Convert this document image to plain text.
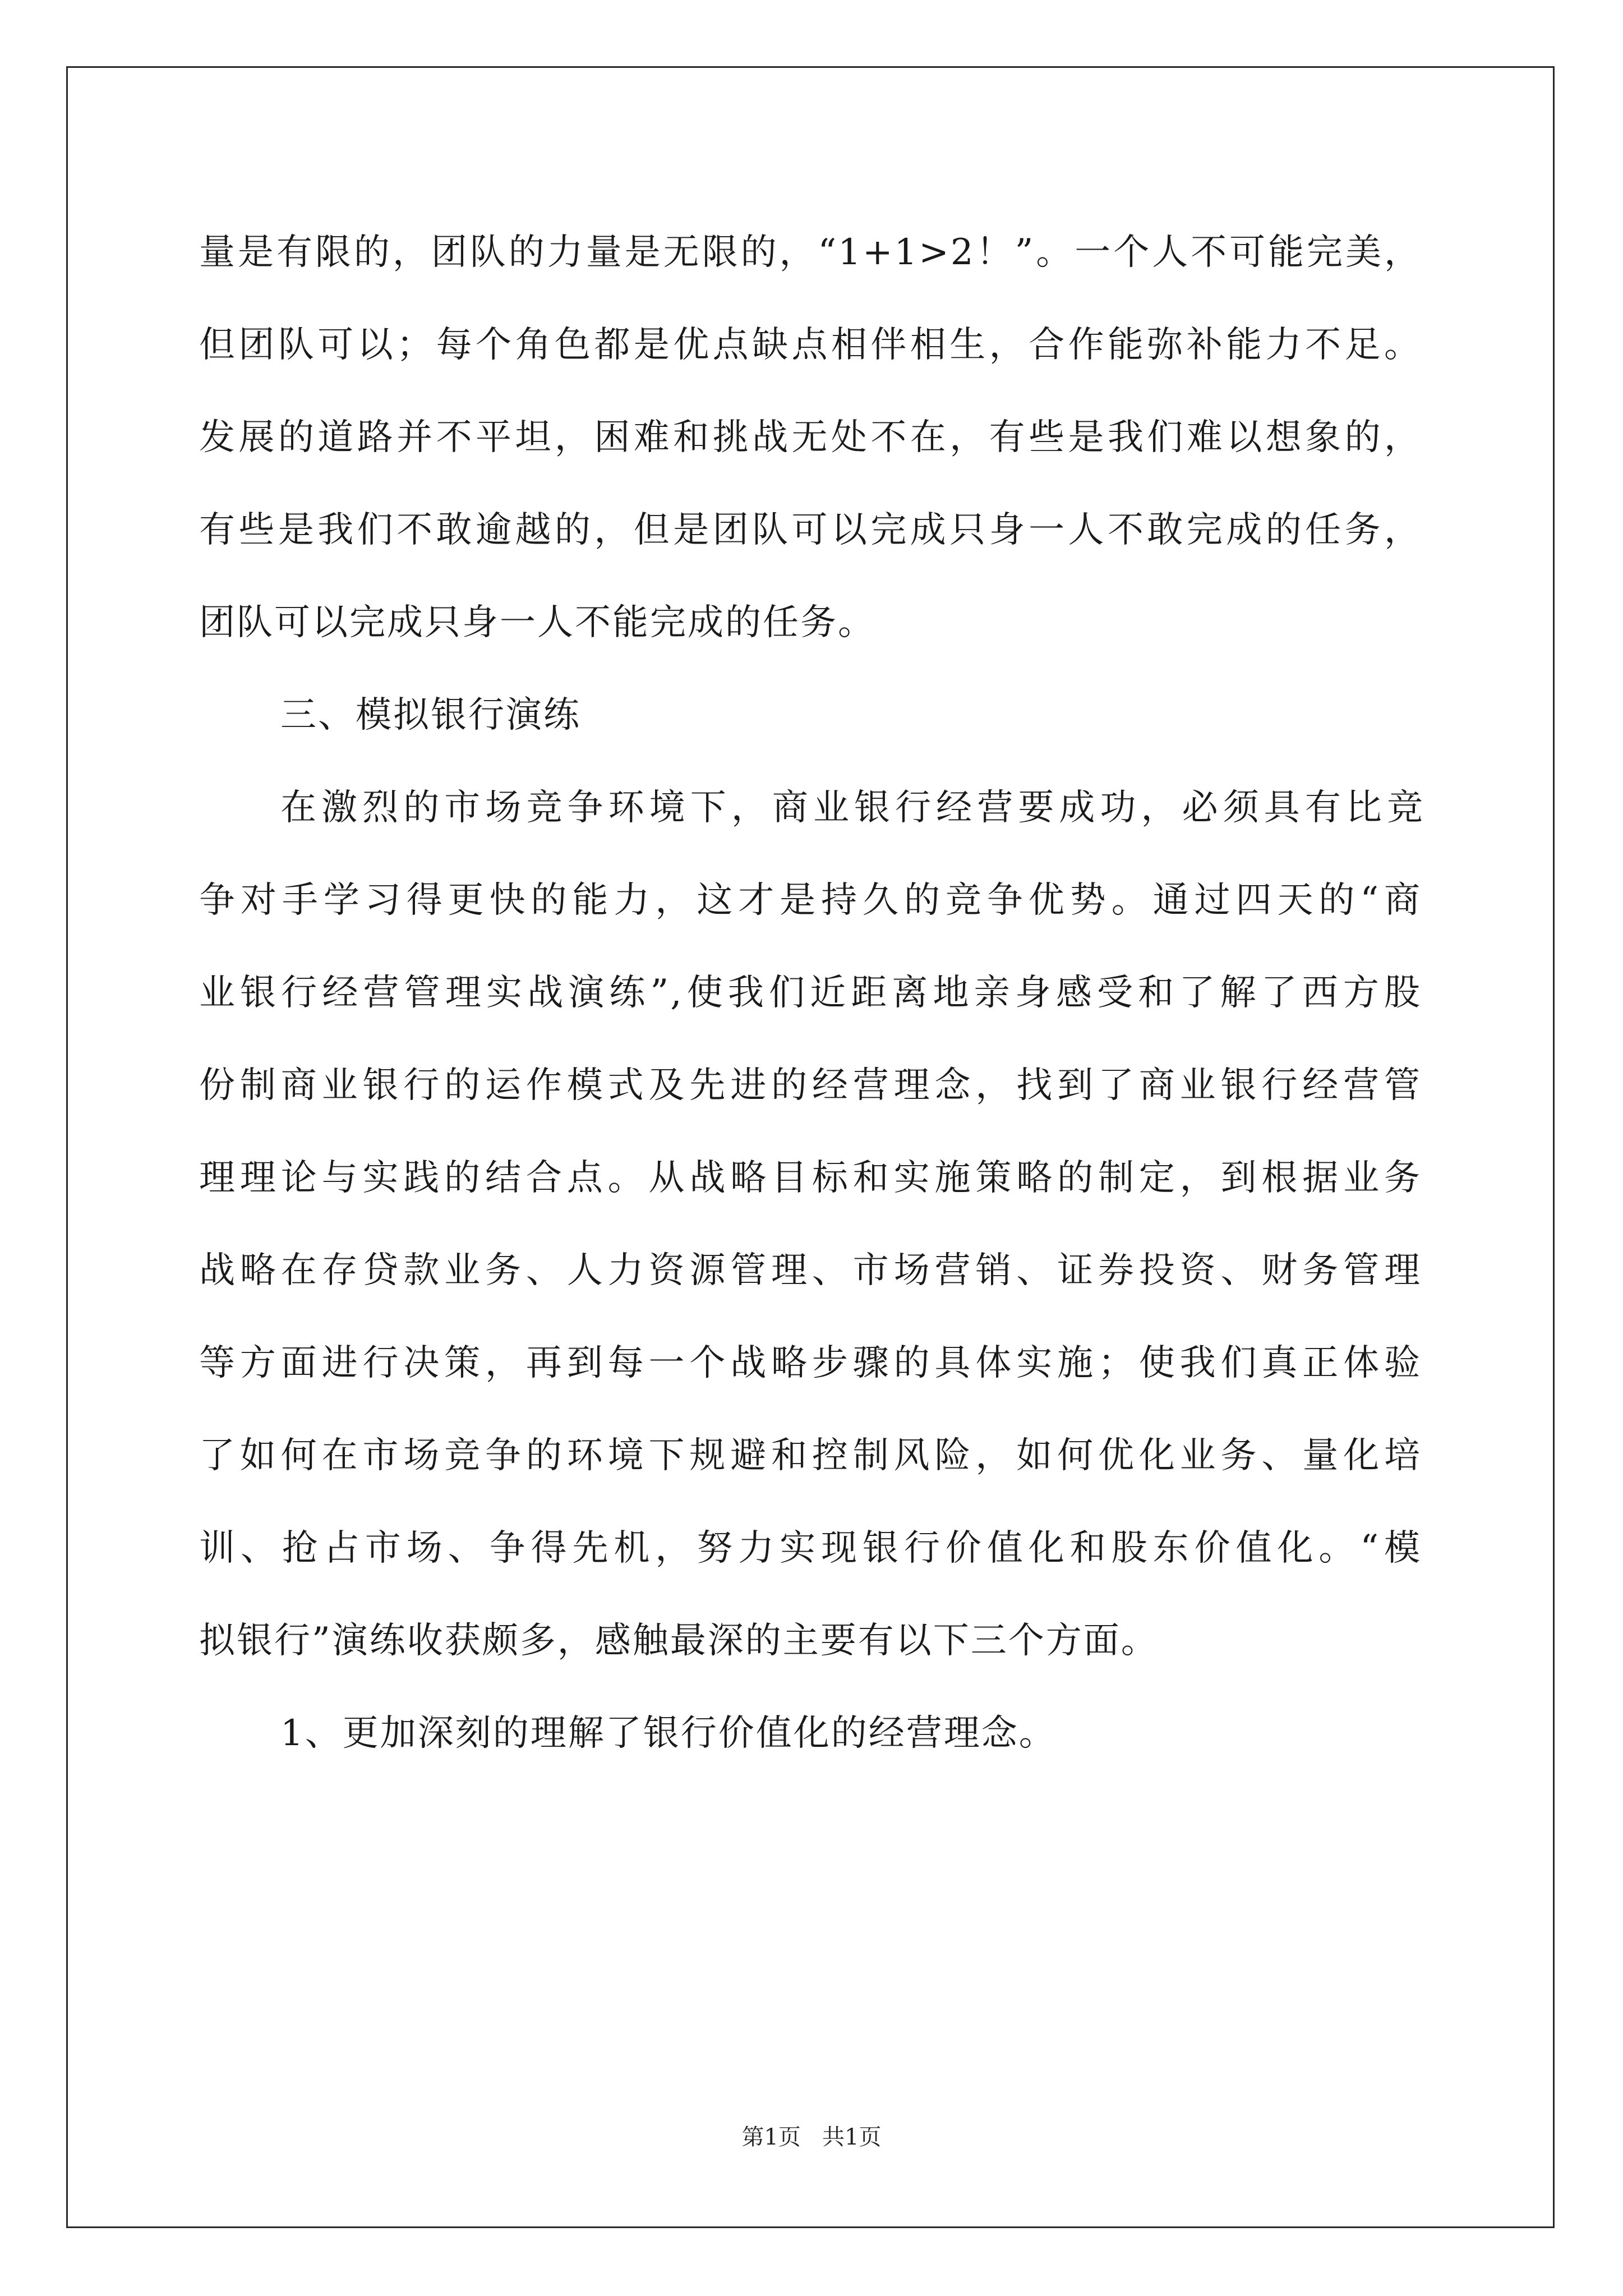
量是有限的，团队的力量是无限的，“1+1>2！”。一个人不可能完美，
但团队可以；每个角色都是优点缺点相伴相生，合作能弥补能力不足。
发展的道路并不平坦，困难和挑战无处不在，有些是我们难以想象的，
有些是我们不敢逾越的，但是团队可以完成只身一人不敢完成的任务，
团队可以完成只身一人不能完成的任务。
三、模拟银行演练
在激烈的市场竞争环境下，商业银行经营要成功，必须具有比竞
争对手学习得更快的能力，这才是持久的竞争优势。通过四天的“商
业银行经营管理实战演练”,使我们近距离地亲身感受和了解了西方股
份制商业银行的运作模式及先进的经营理念，找到了商业银行经营管
理理论与实践的结合点。从战略目标和实施策略的制定，到根据业务
战略在存贷款业务、人力资源管理、市场营销、证券投资、财务管理
等方面进行决策，再到每一个战略步骤的具体实施；使我们真正体验
了如何在市场竞争的环境下规避和控制风险，如何优化业务、量化培
训、抢占市场、争得先机，努力实现银行价值化和股东价值化。“模
拟银行”演练收获颇多，感触最深的主要有以下三个方面。
1、更加深刻的理解了银行价值化的经营理念。
第1页   共1页
